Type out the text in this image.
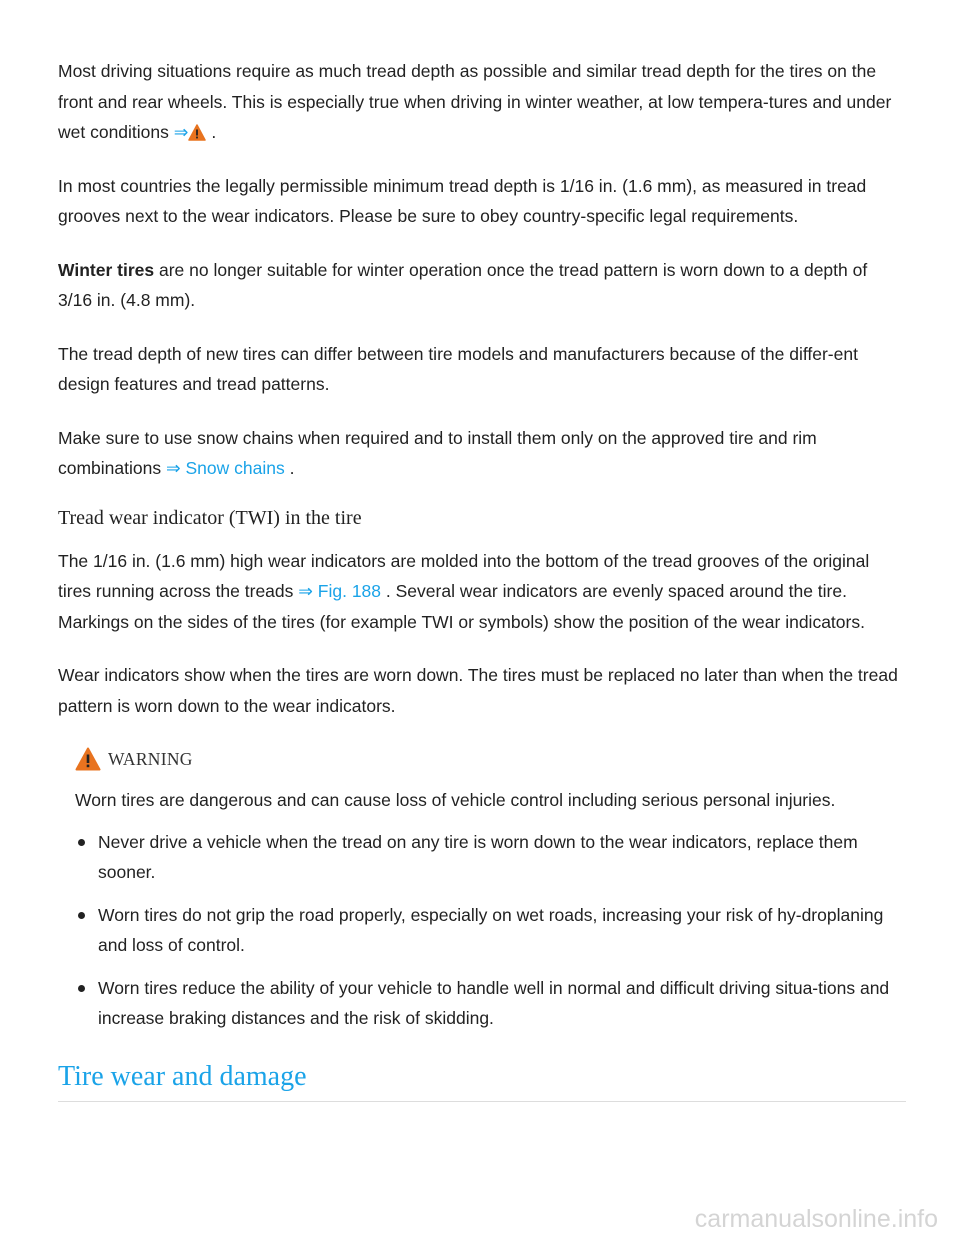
Most driving situations require as much tread depth as possible and similar tread depth for the tires on the front and rear wheels. This is especially true when driving in winter weather, at low tempera-tures and under wet conditions ⇒ .

In most countries the legally permissible minimum tread depth is 1/16 in. (1.6 mm), as measured in tread grooves next to the wear indicators. Please be sure to obey country-specific legal requirements.

Winter tires are no longer suitable for winter operation once the tread pattern is worn down to a depth of 3/16 in. (4.8 mm).

The tread depth of new tires can differ between tire models and manufacturers because of the differ-ent design features and tread patterns.

Make sure to use snow chains when required and to install them only on the approved tire and rim combinations ⇒ Snow chains .

Tread wear indicator (TWI) in the tire

The 1/16 in. (1.6 mm) high wear indicators are molded into the bottom of the tread grooves of the original tires running across the treads ⇒ Fig. 188 . Several wear indicators are evenly spaced around the tire. Markings on the sides of the tires (for example TWI or symbols) show the position of the wear indicators.

Wear indicators show when the tires are worn down. The tires must be replaced no later than when the tread pattern is worn down to the wear indicators.

WARNING

Worn tires are dangerous and can cause loss of vehicle control including serious personal injuries.

Never drive a vehicle when the tread on any tire is worn down to the wear indicators, replace them sooner.
Worn tires do not grip the road properly, especially on wet roads, increasing your risk of hy-droplaning and loss of control.
Worn tires reduce the ability of your vehicle to handle well in normal and difficult driving situa-tions and increase braking distances and the risk of skidding.
Tire wear and damage
carmanualsonline.info
